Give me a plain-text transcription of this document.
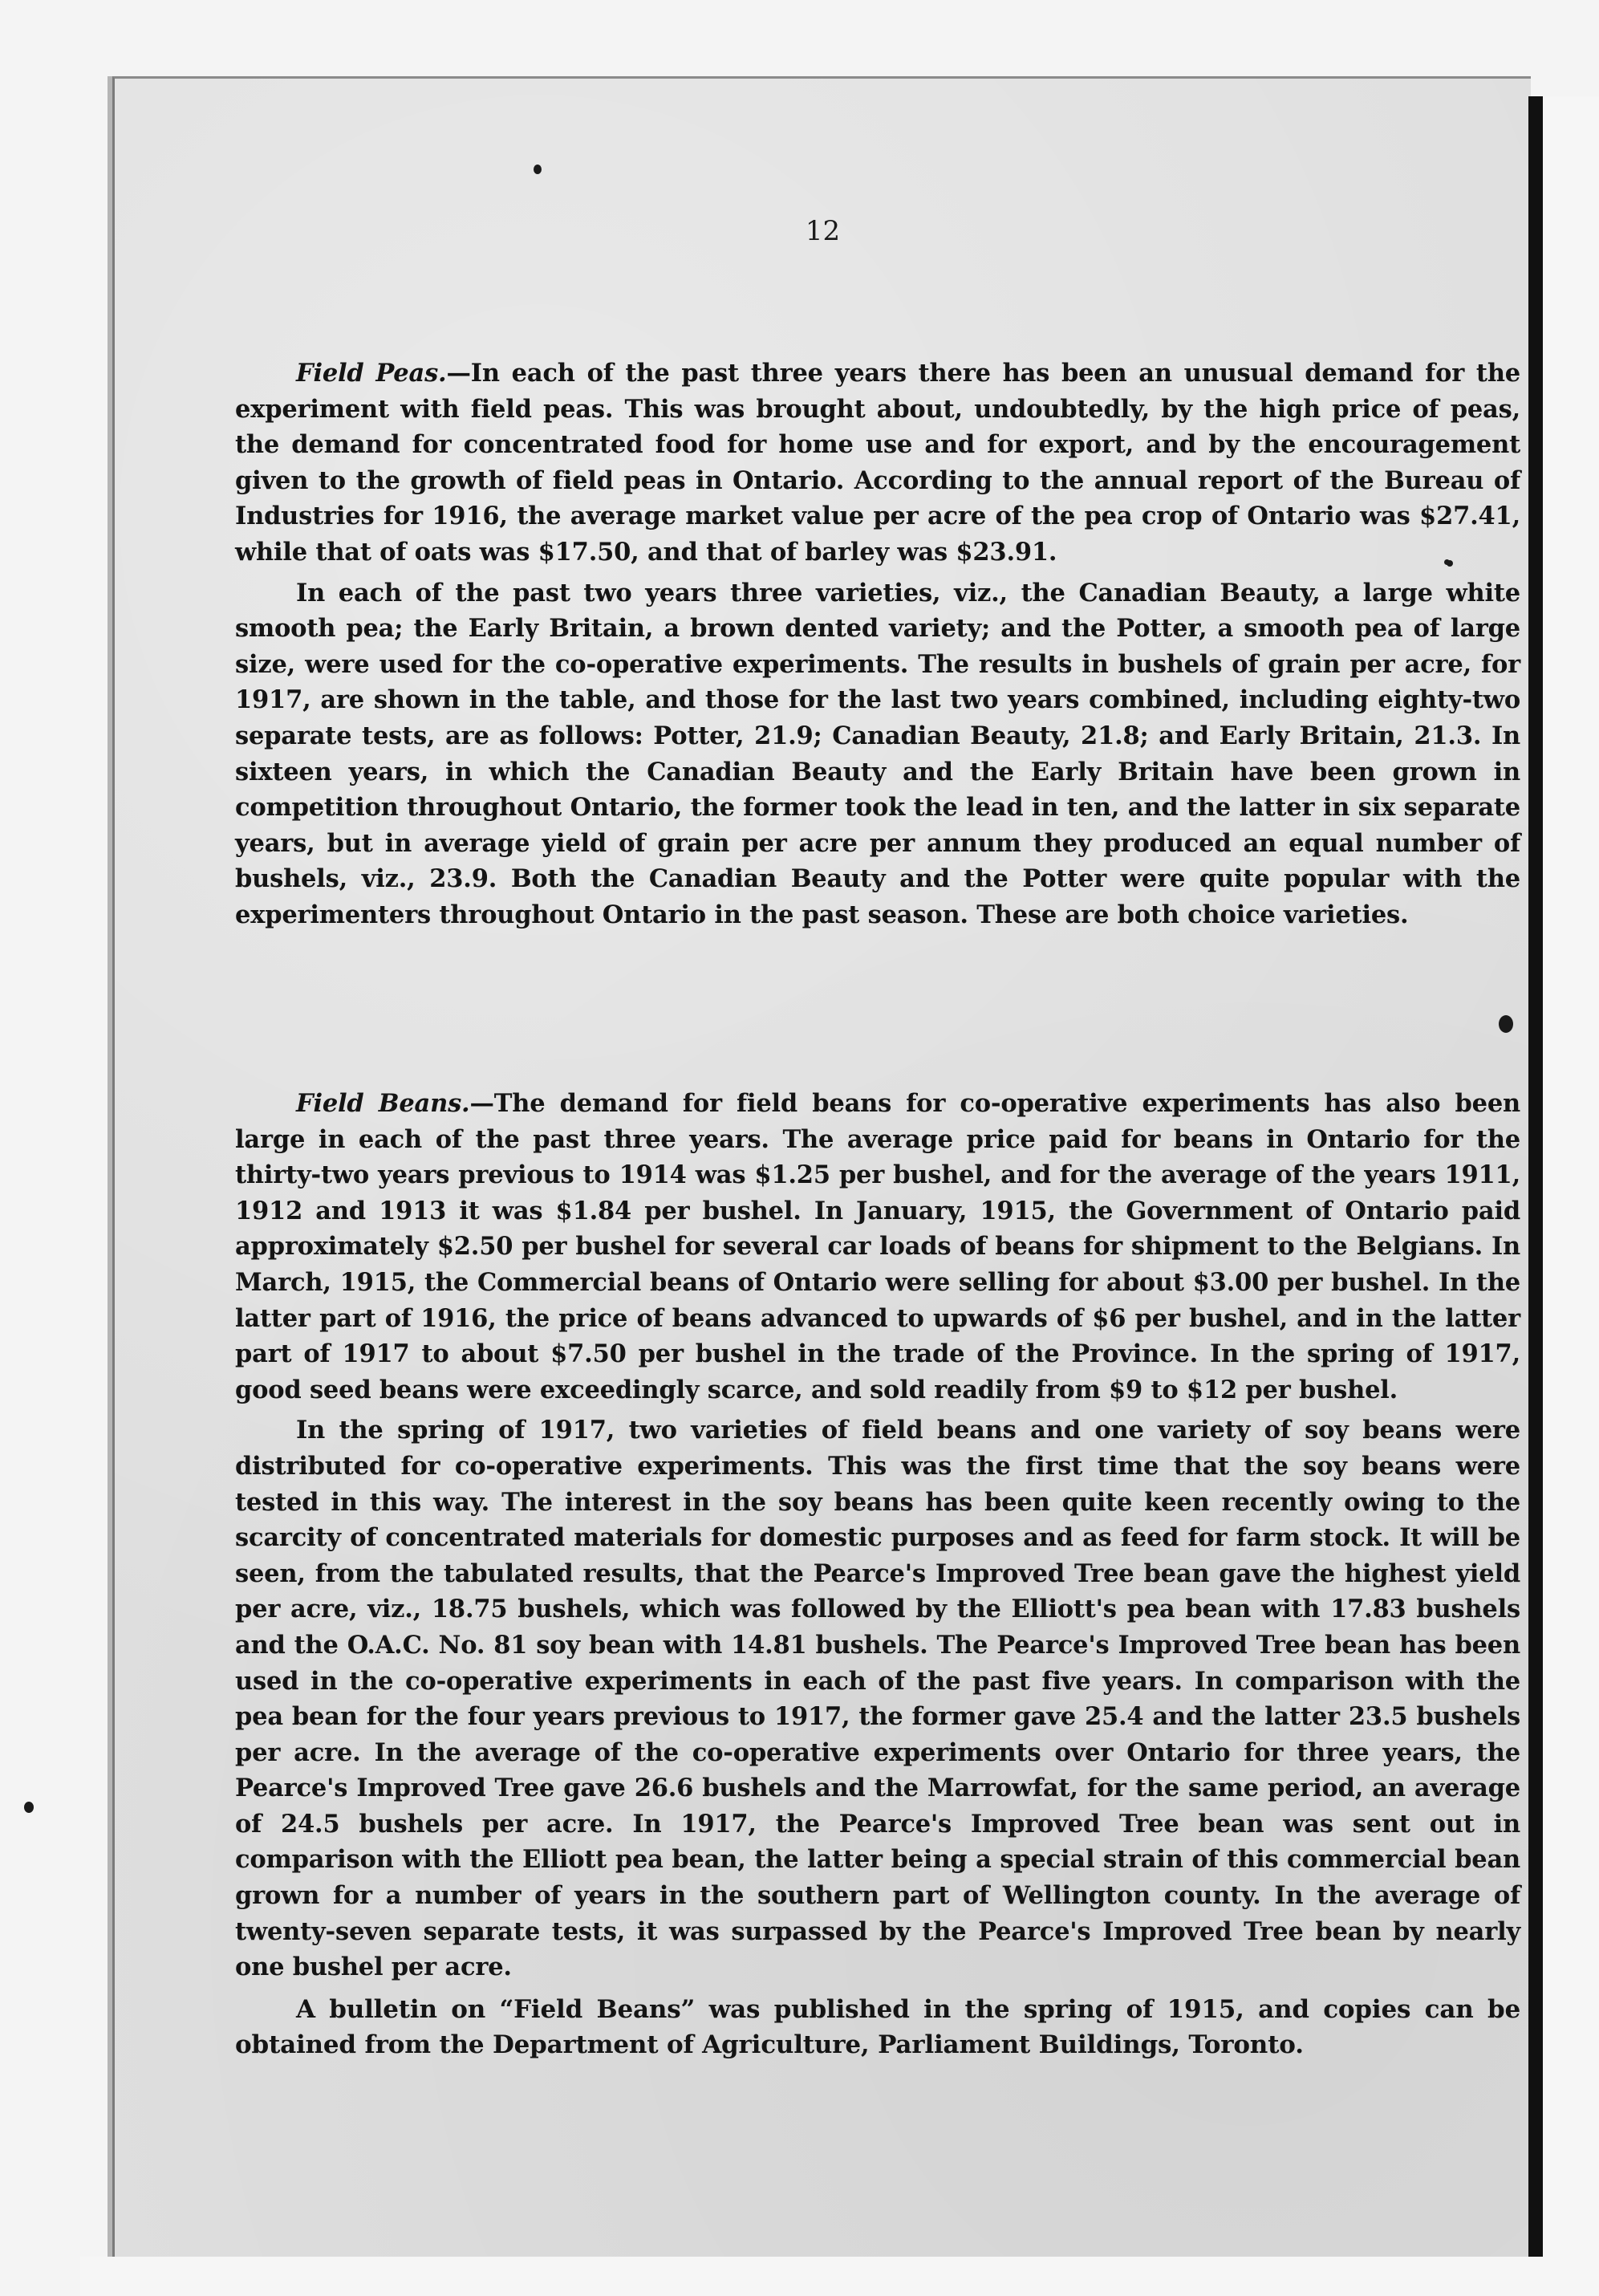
12

Field Peas.—In each of the past three years there has been an unusual demand for the experiment with field peas. This was brought about, undoubtedly, by the high price of peas, the demand for concentrated food for home use and for export, and by the encouragement given to the growth of field peas in Ontario. According to the annual report of the Bureau of Industries for 1916, the average market value per acre of the pea crop of Ontario was $27.41, while that of oats was $17.50, and that of barley was $23.91.

In each of the past two years three varieties, viz., the Canadian Beauty, a large white smooth pea; the Early Britain, a brown dented variety; and the Potter, a smooth pea of large size, were used for the co-operative experiments. The results in bushels of grain per acre, for 1917, are shown in the table, and those for the last two years combined, including eighty-two separate tests, are as follows: Potter, 21.9; Canadian Beauty, 21.8; and Early Britain, 21.3. In sixteen years, in which the Canadian Beauty and the Early Britain have been grown in competition throughout Ontario, the former took the lead in ten, and the latter in six separate years, but in average yield of grain per acre per annum they produced an equal number of bushels, viz., 23.9. Both the Canadian Beauty and the Potter were quite popular with the experimenters throughout Ontario in the past season. These are both choice varieties.

Field Beans.—The demand for field beans for co-operative experiments has also been large in each of the past three years. The average price paid for beans in Ontario for the thirty-two years previous to 1914 was $1.25 per bushel, and for the average of the years 1911, 1912 and 1913 it was $1.84 per bushel. In January, 1915, the Government of Ontario paid approximately $2.50 per bushel for several car loads of beans for shipment to the Belgians. In March, 1915, the Commercial beans of Ontario were selling for about $3.00 per bushel. In the latter part of 1916, the price of beans advanced to upwards of $6 per bushel, and in the latter part of 1917 to about $7.50 per bushel in the trade of the Province. In the spring of 1917, good seed beans were exceedingly scarce, and sold readily from $9 to $12 per bushel.

In the spring of 1917, two varieties of field beans and one variety of soy beans were distributed for co-operative experiments. This was the first time that the soy beans were tested in this way. The interest in the soy beans has been quite keen recently owing to the scarcity of concentrated materials for domestic purposes and as feed for farm stock. It will be seen, from the tabulated results, that the Pearce's Improved Tree bean gave the highest yield per acre, viz., 18.75 bushels, which was followed by the Elliott's pea bean with 17.83 bushels and the O.A.C. No. 81 soy bean with 14.81 bushels. The Pearce's Improved Tree bean has been used in the co-operative experiments in each of the past five years. In comparison with the pea bean for the four years previous to 1917, the former gave 25.4 and the latter 23.5 bushels per acre. In the average of the co-operative experiments over Ontario for three years, the Pearce's Improved Tree gave 26.6 bushels and the Marrowfat, for the same period, an average of 24.5 bushels per acre. In 1917, the Pearce's Improved Tree bean was sent out in comparison with the Elliott pea bean, the latter being a special strain of this commercial bean grown for a number of years in the southern part of Wellington county. In the average of twenty-seven separate tests, it was surpassed by the Pearce's Improved Tree bean by nearly one bushel per acre.

A bulletin on “Field Beans” was published in the spring of 1915, and copies can be obtained from the Department of Agriculture, Parliament Buildings, Toronto.
